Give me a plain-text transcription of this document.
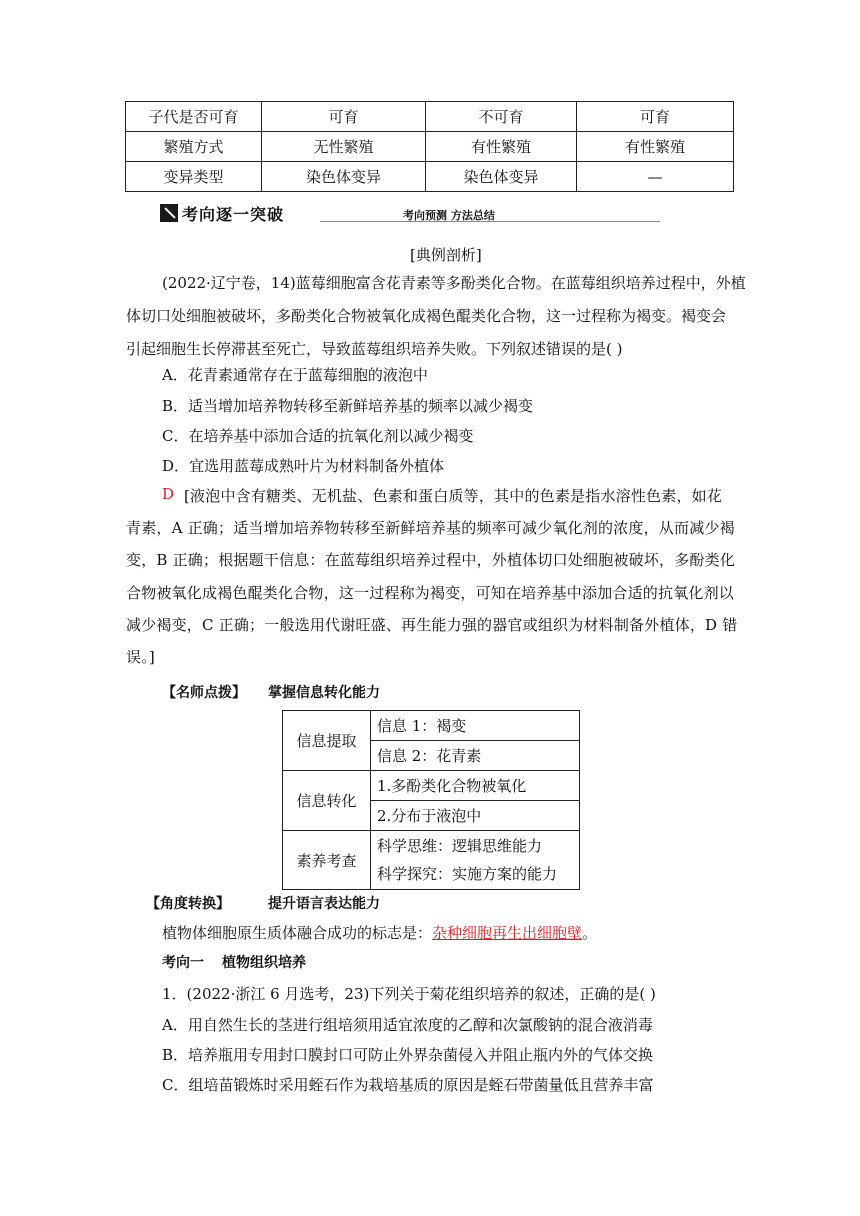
子代是否可育	可育	不可育	可育
繁殖方式	无性繁殖	有性繁殖	有性繁殖
变异类型	染色体变异	染色体变异	—
考向逐一突破	考向预测 方法总结
[典例剖析]
(2022·辽宁卷，14)蓝莓细胞富含花青素等多酚类化合物。在蓝莓组织培养过程中，外植
体切口处细胞被破坏，多酚类化合物被氧化成褐色醌类化合物，这一过程称为褐变。褐变会
引起细胞生长停滞甚至死亡，导致蓝莓组织培养失败。下列叙述错误的是( )
A．花青素通常存在于蓝莓细胞的液泡中
B．适当增加培养物转移至新鲜培养基的频率以减少褐变
C．在培养基中添加合适的抗氧化剂以减少褐变
D．宜选用蓝莓成熟叶片为材料制备外植体
D [液泡中含有糖类、无机盐、色素和蛋白质等，其中的色素是指水溶性色素，如花
青素，A 正确；适当增加培养物转移至新鲜培养基的频率可减少氧化剂的浓度，从而减少褐
变，B 正确；根据题干信息：在蓝莓组织培养过程中，外植体切口处细胞被破坏，多酚类化
合物被氧化成褐色醌类化合物，这一过程称为褐变，可知在培养基中添加合适的抗氧化剂以
减少褐变，C 正确；一般选用代谢旺盛、再生能力强的器官或组织为材料制备外植体，D 错
误。]
【名师点拨】 掌握信息转化能力
信息提取	信息 1：褐变
	信息 2：花青素
信息转化	1.多酚类化合物被氧化
	2.分布于液泡中
素养考查	科学思维：逻辑思维能力
科学探究：实施方案的能力
【角度转换】	提升语言表达能力
植物体细胞原生质体融合成功的标志是：杂种细胞再生出细胞壁。
考向一 植物组织培养
1．(2022·浙江 6 月选考，23)下列关于菊花组织培养的叙述，正确的是( )
A．用自然生长的茎进行组培须用适宜浓度的乙醇和次氯酸钠的混合液消毒
B．培养瓶用专用封口膜封口可防止外界杂菌侵入并阻止瓶内外的气体交换
C．组培苗锻炼时采用蛭石作为栽培基质的原因是蛭石带菌量低且营养丰富
